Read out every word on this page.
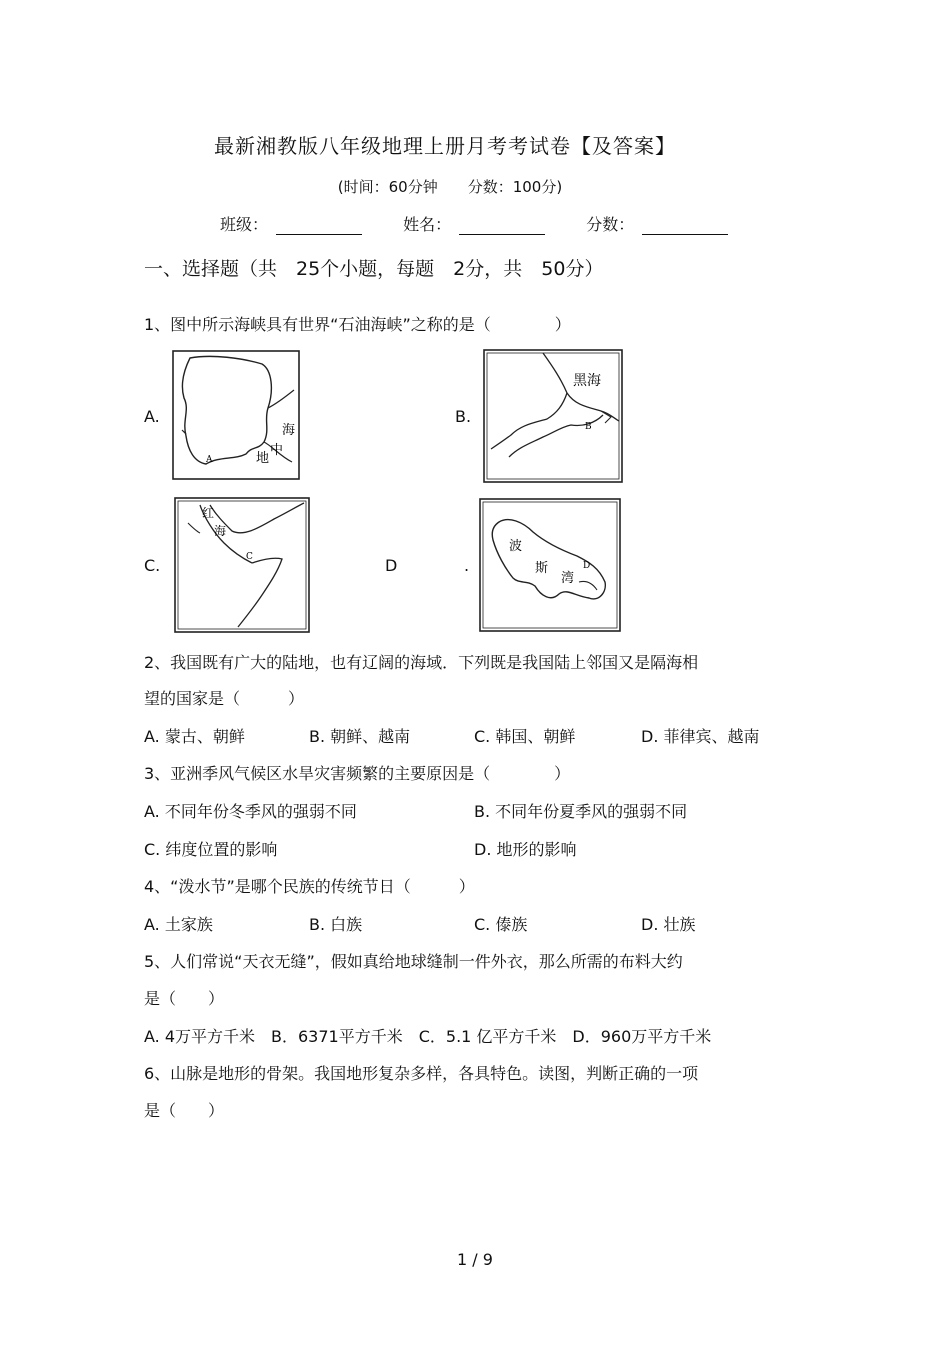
最新湘教版八年级地理上册月考考试卷【及答案】
(时间：60分钟　　分数：100分)
班级：	姓名：	分数：
一、选择题（共　25个小题，每题　2分，共　50分）
1、图中所示海峡具有世界“石油海峡”之称的是（　　　　）
A.
海
中
地
A
B.
黑海
B
C.
红
海
C	D	.
波
斯
湾
D
2、我国既有广大的陆地，也有辽阔的海域．下列既是我国陆上邻国又是隔海相
望的国家是（　　　）
A. 蒙古、朝鲜	B. 朝鲜、越南	C. 韩国、朝鲜	D. 菲律宾、越南
3、亚洲季风气候区水旱灾害频繁的主要原因是（　　　　）
A. 不同年份冬季风的强弱不同	B. 不同年份夏季风的强弱不同
C. 纬度位置的影响	D. 地形的影响
4、“泼水节”是哪个民族的传统节日（　　　）
A. 土家族	B. 白族	C. 傣族	D. 壮族
5、人们常说“天衣无缝”，假如真给地球缝制一件外衣，那么所需的布料大约
是（　　）
A. 4万平方千米　B．6371平方千米　C．5.1 亿平方千米　D．960万平方千米
6、山脉是地形的骨架。我国地形复杂多样，各具特色。读图，判断正确的一项
是（　　）
1 / 9
